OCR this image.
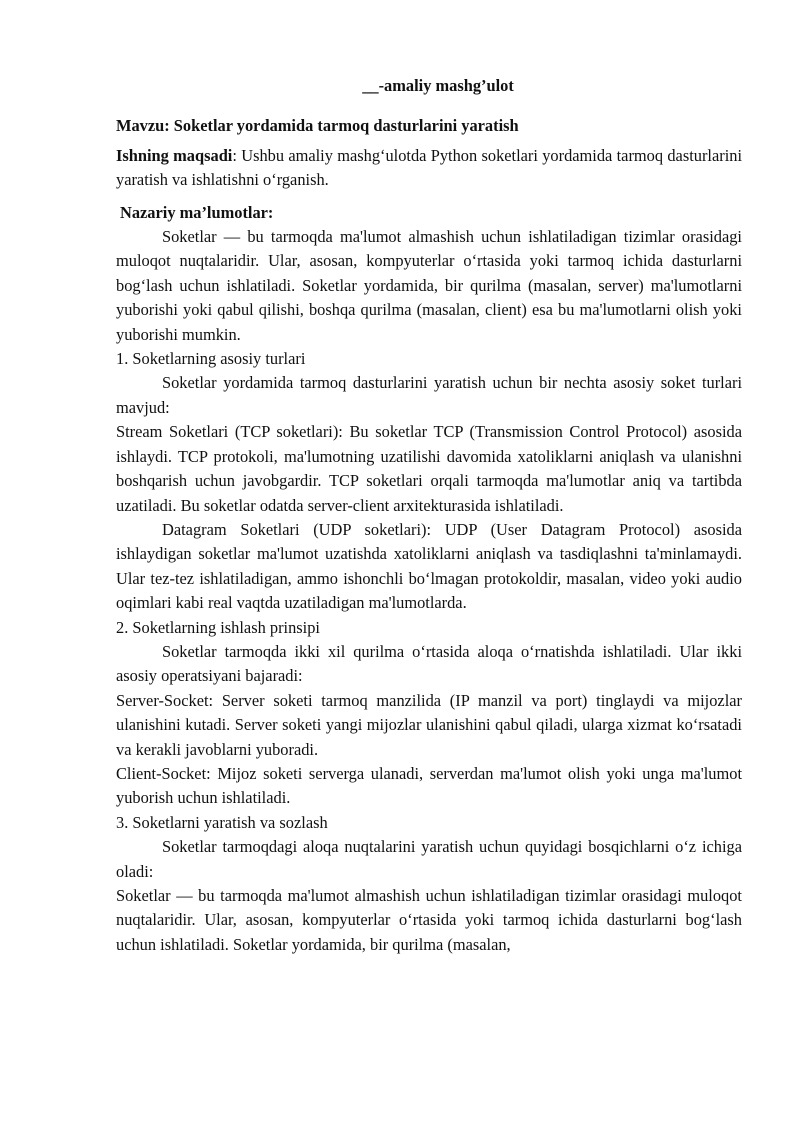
__-amaliy mashg’ulot

Mavzu: Soketlar yordamida tarmoq dasturlarini yaratish

Ishning maqsadi: Ushbu amaliy mashg‘ulotda Python soketlari yordamida tarmoq dasturlarini yaratish va ishlatishni o‘rganish.

Nazariy ma’lumotlar:

Soketlar — bu tarmoqda ma'lumot almashish uchun ishlatiladigan tizimlar orasidagi muloqot nuqtalaridir. Ular, asosan, kompyuterlar o‘rtasida yoki tarmoq ichida dasturlarni bog‘lash uchun ishlatiladi. Soketlar yordamida, bir qurilma (masalan, server) ma'lumotlarni yuborishi yoki qabul qilishi, boshqa qurilma (masalan, client) esa bu ma'lumotlarni olish yoki yuborishi mumkin.

1. Soketlarning asosiy turlari

Soketlar yordamida tarmoq dasturlarini yaratish uchun bir nechta asosiy soket turlari mavjud:

Stream Soketlari (TCP soketlari): Bu soketlar TCP (Transmission Control Protocol) asosida ishlaydi. TCP protokoli, ma'lumotning uzatilishi davomida xatoliklarni aniqlash va ulanishni boshqarish uchun javobgardir. TCP soketlari orqali tarmoqda ma'lumotlar aniq va tartibda uzatiladi. Bu soketlar odatda server-client arxitekturasida ishlatiladi.

Datagram Soketlari (UDP soketlari): UDP (User Datagram Protocol) asosida ishlaydigan soketlar ma'lumot uzatishda xatoliklarni aniqlash va tasdiqlashni ta'minlamaydi. Ular tez-tez ishlatiladigan, ammo ishonchli bo‘lmagan protokoldir, masalan, video yoki audio oqimlari kabi real vaqtda uzatiladigan ma'lumotlarda.

2. Soketlarning ishlash prinsipi

Soketlar tarmoqda ikki xil qurilma o‘rtasida aloqa o‘rnatishda ishlatiladi. Ular ikki asosiy operatsiyani bajaradi:

Server-Socket: Server soketi tarmoq manzilida (IP manzil va port) tinglaydi va mijozlar ulanishini kutadi. Server soketi yangi mijozlar ulanishini qabul qiladi, ularga xizmat ko‘rsatadi va kerakli javoblarni yuboradi.

Client-Socket: Mijoz soketi serverga ulanadi, serverdan ma'lumot olish yoki unga ma'lumot yuborish uchun ishlatiladi.

3. Soketlarni yaratish va sozlash

Soketlar tarmoqdagi aloqa nuqtalarini yaratish uchun quyidagi bosqichlarni o‘z ichiga oladi:

Soketlar — bu tarmoqda ma'lumot almashish uchun ishlatiladigan tizimlar orasidagi muloqot nuqtalaridir. Ular, asosan, kompyuterlar o‘rtasida yoki tarmoq ichida dasturlarni bog‘lash uchun ishlatiladi. Soketlar yordamida, bir qurilma (masalan,
